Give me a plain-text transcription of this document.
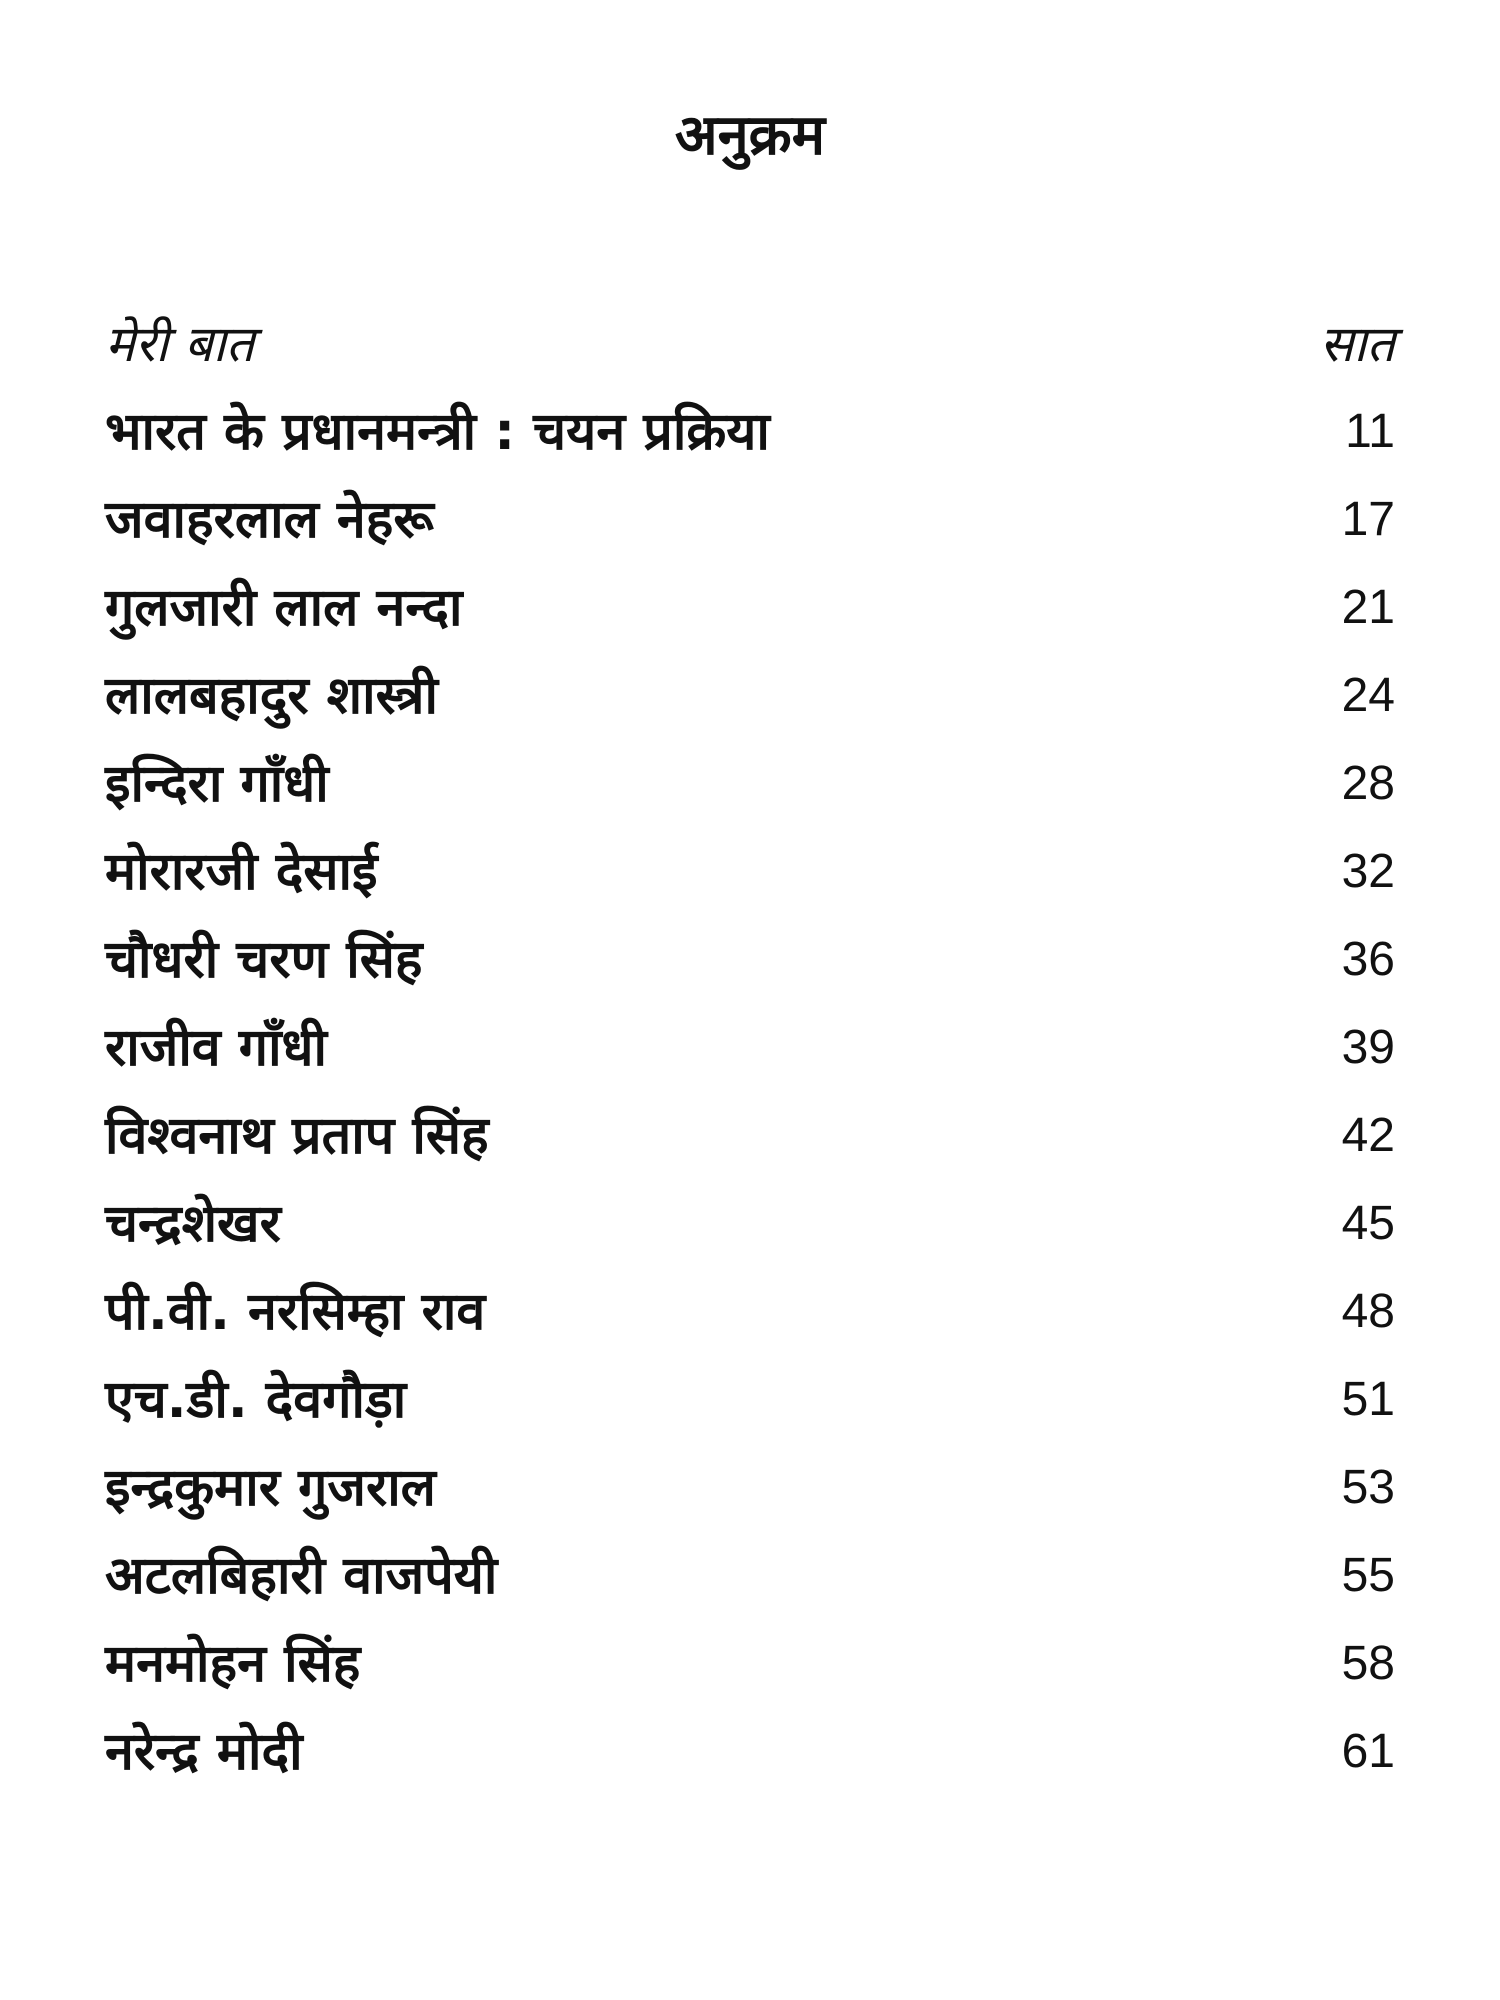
अनुक्रम
मेरी बात	सात
भारत के प्रधानमन्त्री : चयन प्रक्रिया	11
जवाहरलाल नेहरू	17
गुलजारी लाल नन्दा	21
लालबहादुर शास्त्री	24
इन्दिरा गाँधी	28
मोरारजी देसाई	32
चौधरी चरण सिंह	36
राजीव गाँधी	39
विश्वनाथ प्रताप सिंह	42
चन्द्रशेखर	45
पी.वी. नरसिम्हा राव	48
एच.डी. देवगौड़ा	51
इन्द्रकुमार गुजराल	53
अटलबिहारी वाजपेयी	55
मनमोहन सिंह	58
नरेन्द्र मोदी	61
